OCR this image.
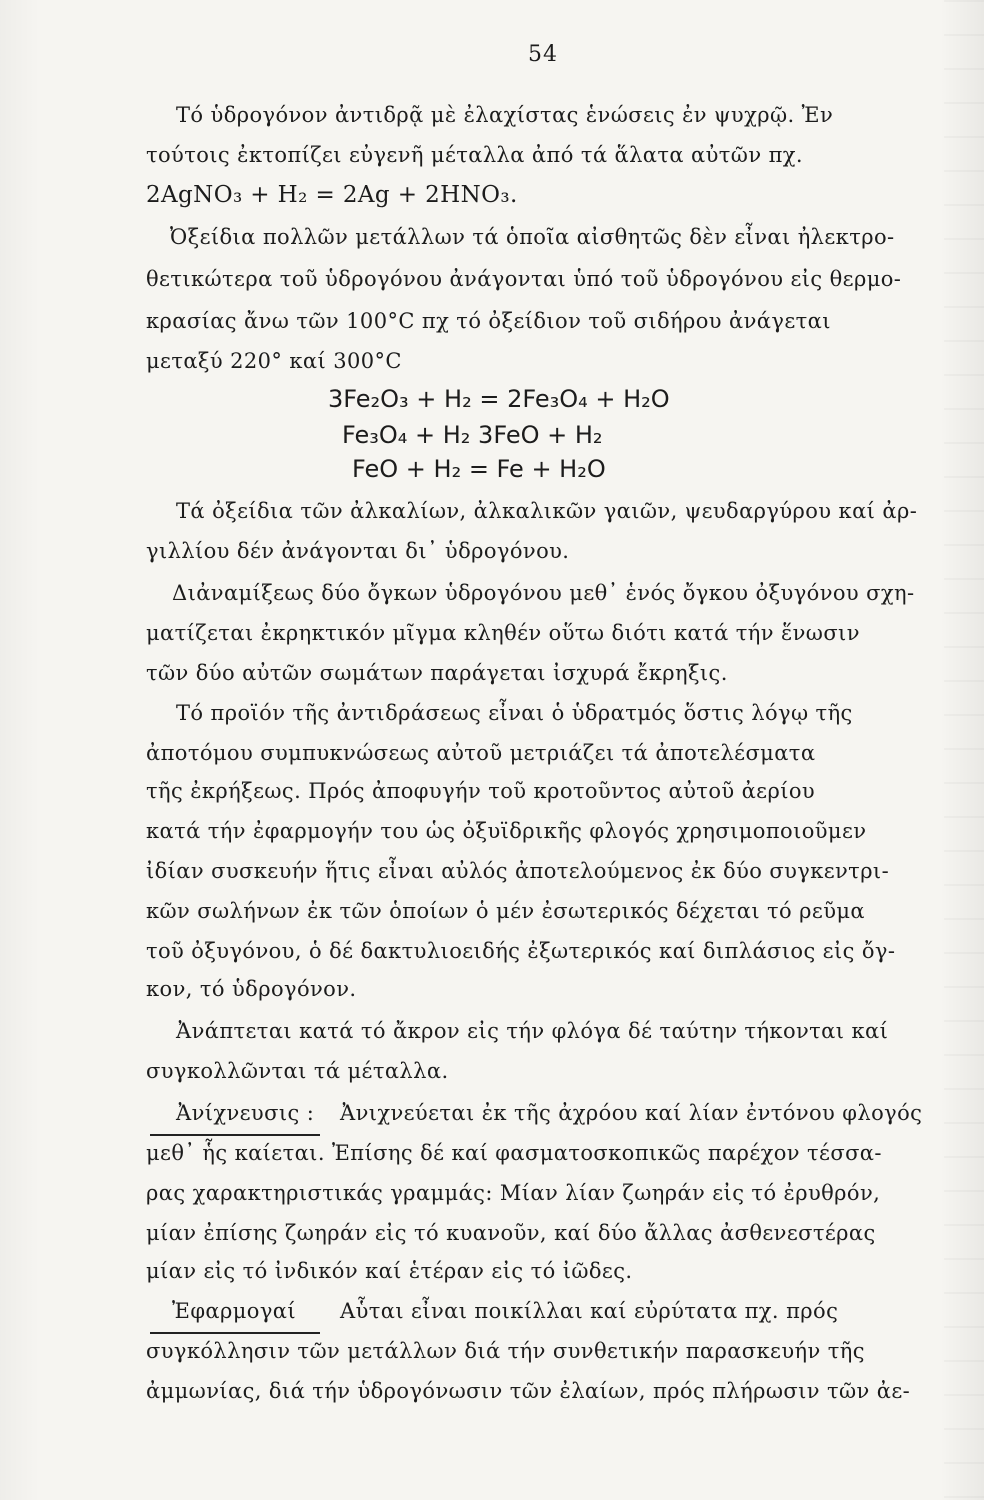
54
Τό ὑδρογόνον ἀντιδρᾷ μὲ ἐλαχίστας ἑνώσεις ἐν ψυχρῷ. Ἐν
τούτοις ἐκτοπίζει εὐγενῆ μέταλλα ἀπό τά ἅλατα αὐτῶν πχ.
2AgNO₃ + H₂ = 2Ag + 2HNO₃.
Ὀξείδια πολλῶν μετάλλων τά ὁποῖα αἰσθητῶς δὲν εἶναι ἠλεκτρο-
θετικώτερα τοῦ ὑδρογόνου ἀνάγονται ὑπό τοῦ ὑδρογόνου εἰς θερμο-
κρασίας ἄνω τῶν 100°C πχ τό ὀξείδιον τοῦ σιδήρου ἀνάγεται
μεταξύ 220° καί 300°C
3Fe₂O₃ + H₂ = 2Fe₃O₄ + H₂O
Fe₃O₄ + H₂ 3FeO + H₂
FeO + H₂ = Fe + H₂O
Τά ὀξείδια τῶν ἀλκαλίων, ἀλκαλικῶν γαιῶν, ψευδαργύρου καί ἀρ-
γιλλίου δέν ἀνάγονται δι᾽ ὑδρογόνου.
Διἀναμίξεως δύο ὄγκων ὑδρογόνου μεθ᾽ ἑνός ὄγκου ὀξυγόνου σχη-
ματίζεται ἐκρηκτικόν μῖγμα κληθέν οὕτω διότι κατά τήν ἕνωσιν
τῶν δύο αὐτῶν σωμάτων παράγεται ἰσχυρά ἔκρηξις.
Τό προϊόν τῆς ἀντιδράσεως εἶναι ὁ ὑδρατμός ὅστις λόγῳ τῆς
ἀποτόμου συμπυκνώσεως αὐτοῦ μετριάζει τά ἀποτελέσματα
τῆς ἐκρήξεως. Πρός ἀποφυγήν τοῦ κροτοῦντος αὐτοῦ ἀερίου
κατά τήν ἐφαρμογήν του ὡς ὀξυϊδρικῆς φλογός χρησιμοποιοῦμεν
ἰδίαν συσκευήν ἥτις εἶναι αὐλός ἀποτελούμενος ἐκ δύο συγκεντρι-
κῶν σωλήνων ἐκ τῶν ὁποίων ὁ μέν ἐσωτερικός δέχεται τό ρεῦμα
τοῦ ὀξυγόνου, ὁ δέ δακτυλιοειδής ἐξωτερικός καί διπλάσιος εἰς ὄγ-
κον, τό ὑδρογόνον.
Ἀνάπτεται κατά τό ἄκρον εἰς τήν φλόγα δέ ταύτην τήκονται καί
συγκολλῶνται τά μέταλλα.
Ἀνίχνευσις : Ἀνιχνεύεται ἐκ τῆς ἀχρόου καί λίαν ἐντόνου φλογός
μεθ᾽ ἧς καίεται. Ἐπίσης δέ καί φασματοσκοπικῶς παρέχον τέσσα-
ρας χαρακτηριστικάς γραμμάς: Μίαν λίαν ζωηράν εἰς τό ἐρυθρόν,
μίαν ἐπίσης ζωηράν εἰς τό κυανοῦν, καί δύο ἄλλας ἀσθενεστέρας
μίαν εἰς τό ἰνδικόν καί ἑτέραν εἰς τό ἰῶδες.
Ἐφαρμογαί Αὗται εἶναι ποικίλλαι καί εὐρύτατα πχ. πρός
συγκόλλησιν τῶν μετάλλων διά τήν συνθετικήν παρασκευήν τῆς
ἀμμωνίας, διά τήν ὑδρογόνωσιν τῶν ἐλαίων, πρός πλήρωσιν τῶν ἀε-
